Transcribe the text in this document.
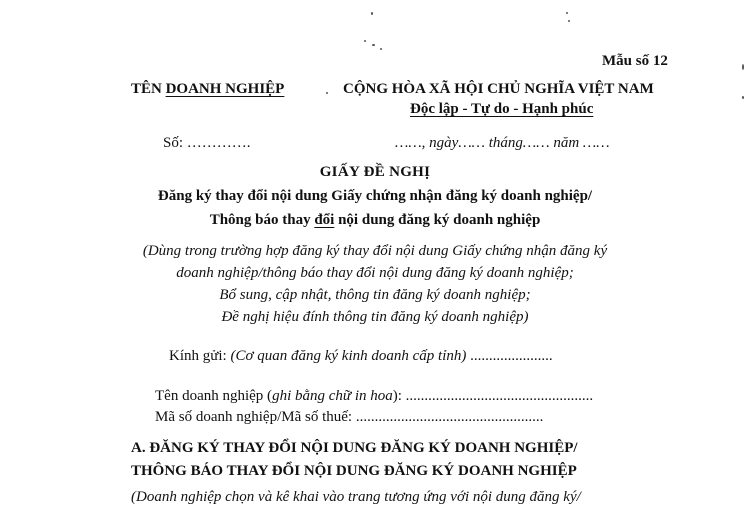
Mẫu số 12
TÊN DOANH NGHIỆP	CỘNG HÒA XÃ HỘI CHỦ NGHĨA VIỆT NAM
Độc lập - Tự do - Hạnh phúc
Số: ………….	……, ngày…… tháng…… năm ……
GIẤY ĐỀ NGHỊ
Đăng ký thay đổi nội dung Giấy chứng nhận đăng ký doanh nghiệp/
Thông báo thay đổi nội dung đăng ký doanh nghiệp
(Dùng trong trường hợp đăng ký thay đổi nội dung Giấy chứng nhận đăng ký
doanh nghiệp/thông báo thay đổi nội dung đăng ký doanh nghiệp;
Bổ sung, cập nhật, thông tin đăng ký doanh nghiệp;
Đề nghị hiệu đính thông tin đăng ký doanh nghiệp)
Kính gửi: (Cơ quan đăng ký kinh doanh cấp tỉnh) ......................
Tên doanh nghiệp (ghi bằng chữ in hoa): ..................................................
Mã số doanh nghiệp/Mã số thuế: ..................................................
A. ĐĂNG KÝ THAY ĐỔI NỘI DUNG ĐĂNG KÝ DOANH NGHIỆP/
THÔNG BÁO THAY ĐỔI NỘI DUNG ĐĂNG KÝ DOANH NGHIỆP
(Doanh nghiệp chọn và kê khai vào trang tương ứng với nội dung đăng ký/
